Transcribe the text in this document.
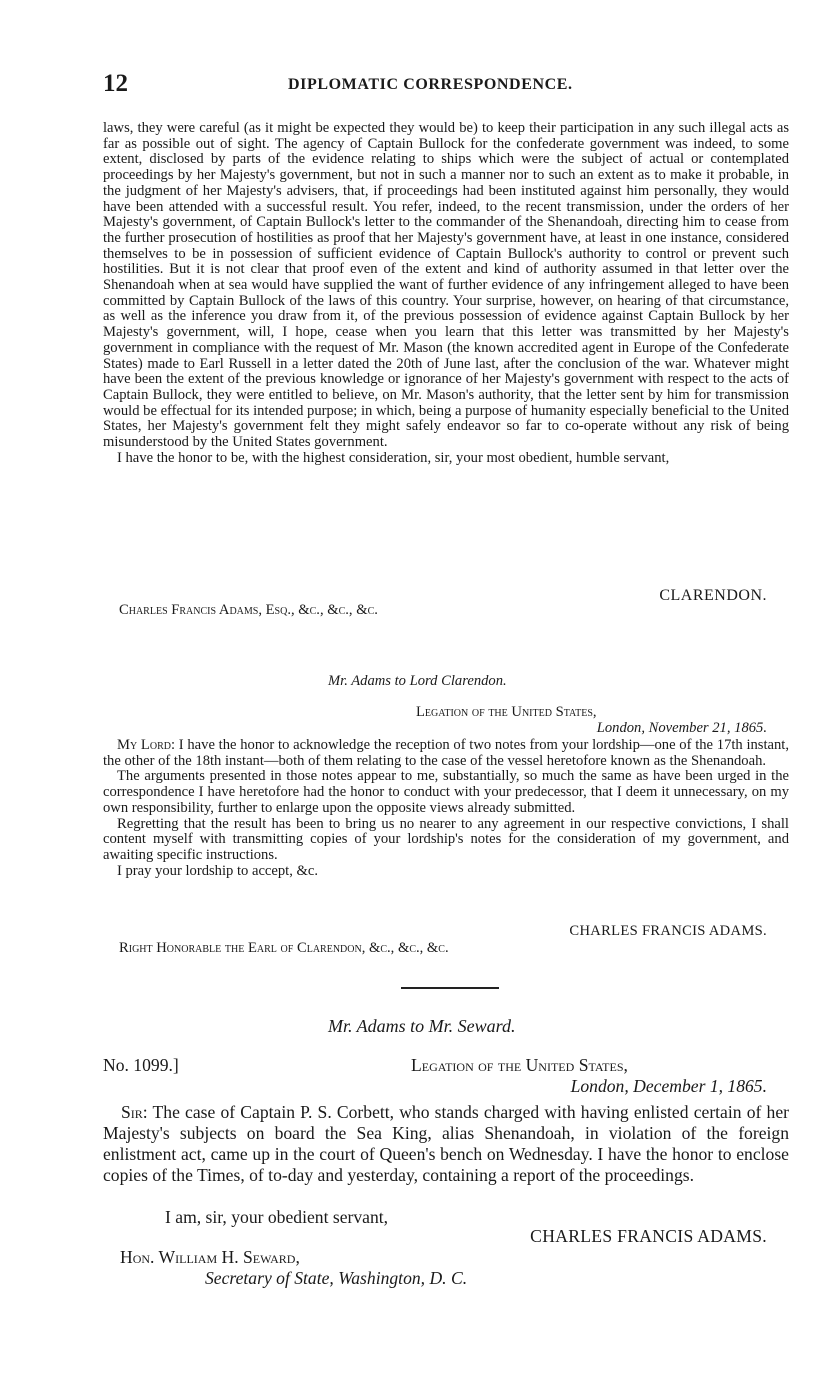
12	DIPLOMATIC CORRESPONDENCE.

laws, they were careful (as it might be expected they would be) to keep their participation in any such illegal acts as far as possible out of sight. The agency of Captain Bullock for the confederate government was indeed, to some extent, disclosed by parts of the evidence relating to ships which were the subject of actual or contemplated proceedings by her Majesty's government, but not in such a manner nor to such an extent as to make it probable, in the judgment of her Majesty's advisers, that, if proceedings had been instituted against him personally, they would have been attended with a successful result. You refer, indeed, to the recent transmission, under the orders of her Majesty's government, of Captain Bullock's letter to the commander of the Shenandoah, directing him to cease from the further prosecution of hostilities as proof that her Majesty's government have, at least in one instance, considered themselves to be in possession of sufficient evidence of Captain Bullock's authority to control or prevent such hostilities. But it is not clear that proof even of the extent and kind of authority assumed in that letter over the Shenandoah when at sea would have supplied the want of further evidence of any infringement alleged to have been committed by Captain Bullock of the laws of this country. Your surprise, however, on hearing of that circumstance, as well as the inference you draw from it, of the previous possession of evidence against Captain Bullock by her Majesty's government, will, I hope, cease when you learn that this letter was transmitted by her Majesty's government in compliance with the request of Mr. Mason (the known accredited agent in Europe of the Confederate States) made to Earl Russell in a letter dated the 20th of June last, after the conclusion of the war. Whatever might have been the extent of the previous knowledge or ignorance of her Majesty's government with respect to the acts of Captain Bullock, they were entitled to believe, on Mr. Mason's authority, that the letter sent by him for transmission would be effectual for its intended purpose; in which, being a purpose of humanity especially beneficial to the United States, her Majesty's government felt they might safely endeavor so far to co-operate without any risk of being misunderstood by the United States government.

I have the honor to be, with the highest consideration, sir, your most obedient, humble servant,

CLARENDON.
Charles Francis Adams, Esq., &c., &c., &c.
Mr. Adams to Lord Clarendon.
Legation of the United States,
London, November 21, 1865.

My Lord: I have the honor to acknowledge the reception of two notes from your lordship—one of the 17th instant, the other of the 18th instant—both of them relating to the case of the vessel heretofore known as the Shenandoah.

The arguments presented in those notes appear to me, substantially, so much the same as have been urged in the correspondence I have heretofore had the honor to conduct with your predecessor, that I deem it unnecessary, on my own responsibility, further to enlarge upon the opposite views already submitted.

Regretting that the result has been to bring us no nearer to any agreement in our respective convictions, I shall content myself with transmitting copies of your lordship's notes for the consideration of my government, and awaiting specific instructions.

I pray your lordship to accept, &c.

CHARLES FRANCIS ADAMS.
Right Honorable the Earl of Clarendon, &c., &c., &c.
Mr. Adams to Mr. Seward.
No. 1099.]	Legation of the United States,
London, December 1, 1865.

Sir: The case of Captain P. S. Corbett, who stands charged with having enlisted certain of her Majesty's subjects on board the Sea King, alias Shenandoah, in violation of the foreign enlistment act, came up in the court of Queen's bench on Wednesday. I have the honor to enclose copies of the Times, of to-day and yesterday, containing a report of the proceedings.

I am, sir, your obedient servant,
CHARLES FRANCIS ADAMS.
Hon. William H. Seward,
Secretary of State, Washington, D. C.
